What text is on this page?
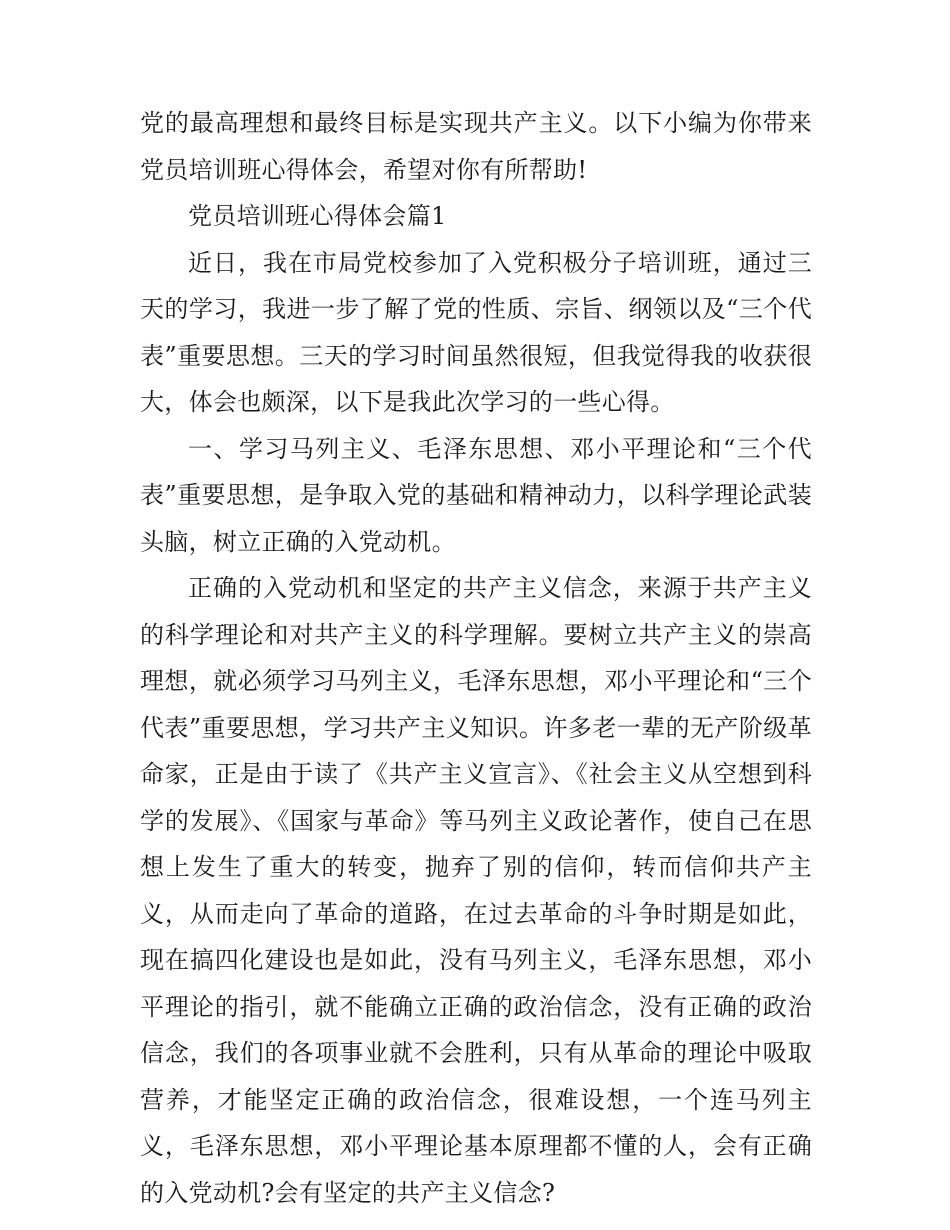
党的最高理想和最终目标是实现共产主义。以下小编为你带来党员培训班心得体会，希望对你有所帮助!

党员培训班心得体会篇1

近日，我在市局党校参加了入党积极分子培训班，通过三天的学习，我进一步了解了党的性质、宗旨、纲领以及“三个代表”重要思想。三天的学习时间虽然很短，但我觉得我的收获很大，体会也颇深，以下是我此次学习的一些心得。

一、学习马列主义、毛泽东思想、邓小平理论和“三个代表”重要思想，是争取入党的基础和精神动力，以科学理论武装头脑，树立正确的入党动机。

正确的入党动机和坚定的共产主义信念，来源于共产主义的科学理论和对共产主义的科学理解。要树立共产主义的崇高理想，就必须学习马列主义，毛泽东思想，邓小平理论和“三个代表”重要思想，学习共产主义知识。许多老一辈的无产阶级革命家，正是由于读了《共产主义宣言》、《社会主义从空想到科学的发展》、《国家与革命》等马列主义政论著作，使自己在思想上发生了重大的转变，抛弃了别的信仰，转而信仰共产主义，从而走向了革命的道路，在过去革命的斗争时期是如此，现在搞四化建设也是如此，没有马列主义，毛泽东思想，邓小平理论的指引，就不能确立正确的政治信念，没有正确的政治信念，我们的各项事业就不会胜利，只有从革命的理论中吸取营养，才能坚定正确的政治信念，很难设想，一个连马列主义，毛泽东思想，邓小平理论基本原理都不懂的人，会有正确的入党动机?会有坚定的共产主义信念?
